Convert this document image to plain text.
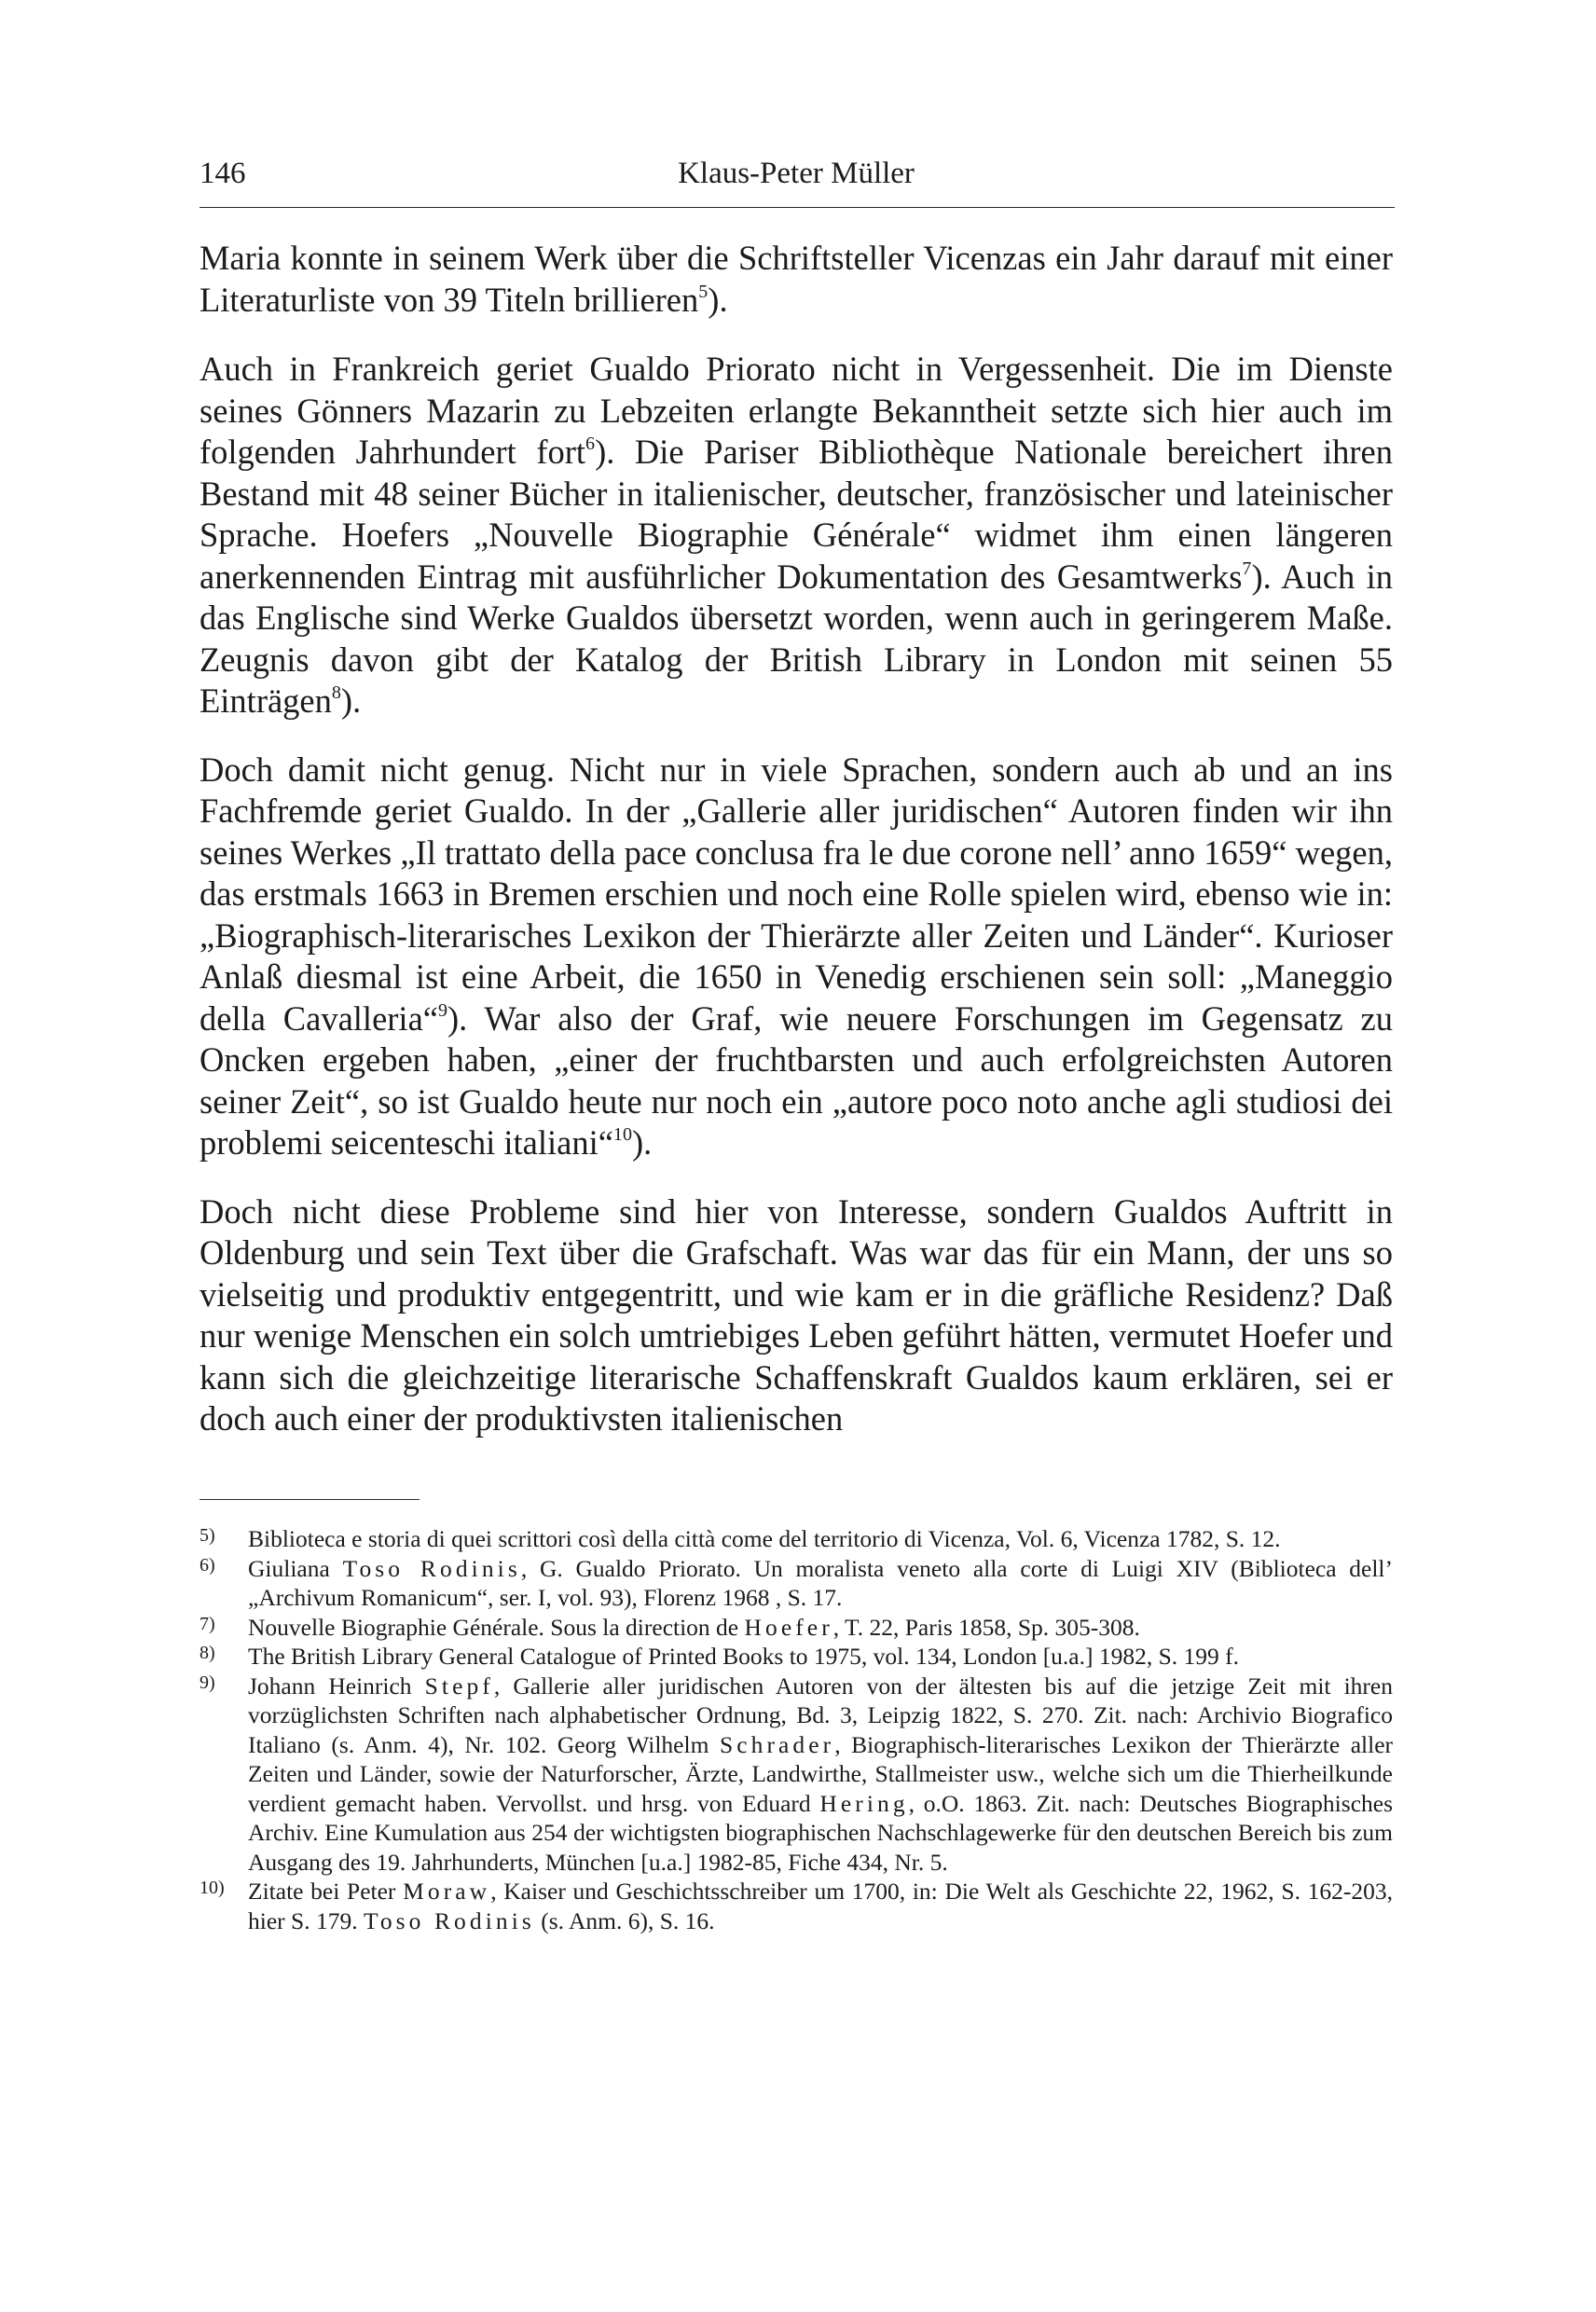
146	Klaus-Peter Müller

Maria konnte in seinem Werk über die Schriftsteller Vicenzas ein Jahr darauf mit einer Literaturliste von 39 Titeln brillieren$^5$).

Auch in Frankreich geriet Gualdo Priorato nicht in Vergessenheit. Die im Dienste seines Gönners Mazarin zu Lebzeiten erlangte Bekanntheit setzte sich hier auch im folgenden Jahrhundert fort$^6$). Die Pariser Bibliothèque Nationale bereichert ihren Bestand mit 48 seiner Bücher in italienischer, deutscher, französischer und lateinischer Sprache. Hoefers „Nouvelle Biographie Générale“ widmet ihm einen längeren anerkennenden Eintrag mit ausführlicher Dokumentation des Gesamtwerks$^7$). Auch in das Englische sind Werke Gualdos übersetzt worden, wenn auch in geringerem Maße. Zeugnis davon gibt der Katalog der British Library in London mit seinen 55 Einträgen$^8$).

Doch damit nicht genug. Nicht nur in viele Sprachen, sondern auch ab und an ins Fachfremde geriet Gualdo. In der „Gallerie aller juridischen“ Autoren finden wir ihn seines Werkes „Il trattato della pace conclusa fra le due corone nell’ anno 1659“ wegen, das erstmals 1663 in Bremen erschien und noch eine Rolle spielen wird, ebenso wie in: „Biographisch-literarisches Lexikon der Thierärzte aller Zeiten und Länder“. Kurioser Anlaß diesmal ist eine Arbeit, die 1650 in Venedig erschienen sein soll: „Maneggio della Cavalleria“$^9$). War also der Graf, wie neuere Forschungen im Gegensatz zu Oncken ergeben haben, „einer der fruchtbarsten und auch erfolgreichsten Autoren seiner Zeit“, so ist Gualdo heute nur noch ein „autore poco noto anche agli studiosi dei problemi seicenteschi italiani“$^{10}$).

Doch nicht diese Probleme sind hier von Interesse, sondern Gualdos Auftritt in Oldenburg und sein Text über die Grafschaft. Was war das für ein Mann, der uns so vielseitig und produktiv entgegentritt, und wie kam er in die gräfliche Residenz? Daß nur wenige Menschen ein solch umtriebiges Leben geführt hätten, vermutet Hoefer und kann sich die gleichzeitige literarische Schaffenskraft Gualdos kaum erklären, sei er doch auch einer der produktivsten italienischen

5) Biblioteca e storia di quei scrittori così della città come del territorio di Vicenza, Vol. 6, Vicenza 1782, S. 12.

6) Giuliana Toso Rodinis, G. Gualdo Priorato. Un moralista veneto alla corte di Luigi XIV (Biblioteca dell’ „Archivum Romanicum“, ser. I, vol. 93), Florenz 1968 , S. 17.

7) Nouvelle Biographie Générale. Sous la direction de Hoefer, T. 22, Paris 1858, Sp. 305-308.

8) The British Library General Catalogue of Printed Books to 1975, vol. 134, London [u.a.] 1982, S. 199 f.

9) Johann Heinrich Stepf, Gallerie aller juridischen Autoren von der ältesten bis auf die jetzige Zeit mit ihren vorzüglichsten Schriften nach alphabetischer Ordnung, Bd. 3, Leipzig 1822, S. 270. Zit. nach: Archivio Biografico Italiano (s. Anm. 4), Nr. 102. Georg Wilhelm Schrader, Biographisch-literarisches Lexikon der Thierärzte aller Zeiten und Länder, sowie der Naturforscher, Ärzte, Landwirthe, Stallmeister usw., welche sich um die Thierheilkunde verdient gemacht haben. Vervollst. und hrsg. von Eduard Hering, o.O. 1863. Zit. nach: Deutsches Biographisches Archiv. Eine Kumulation aus 254 der wichtigsten biographischen Nachschlagewerke für den deutschen Bereich bis zum Ausgang des 19. Jahrhunderts, München [u.a.] 1982-85, Fiche 434, Nr. 5.

10) Zitate bei Peter Moraw, Kaiser und Geschichtsschreiber um 1700, in: Die Welt als Geschichte 22, 1962, S. 162-203, hier S. 179. Toso Rodinis (s. Anm. 6), S. 16.
